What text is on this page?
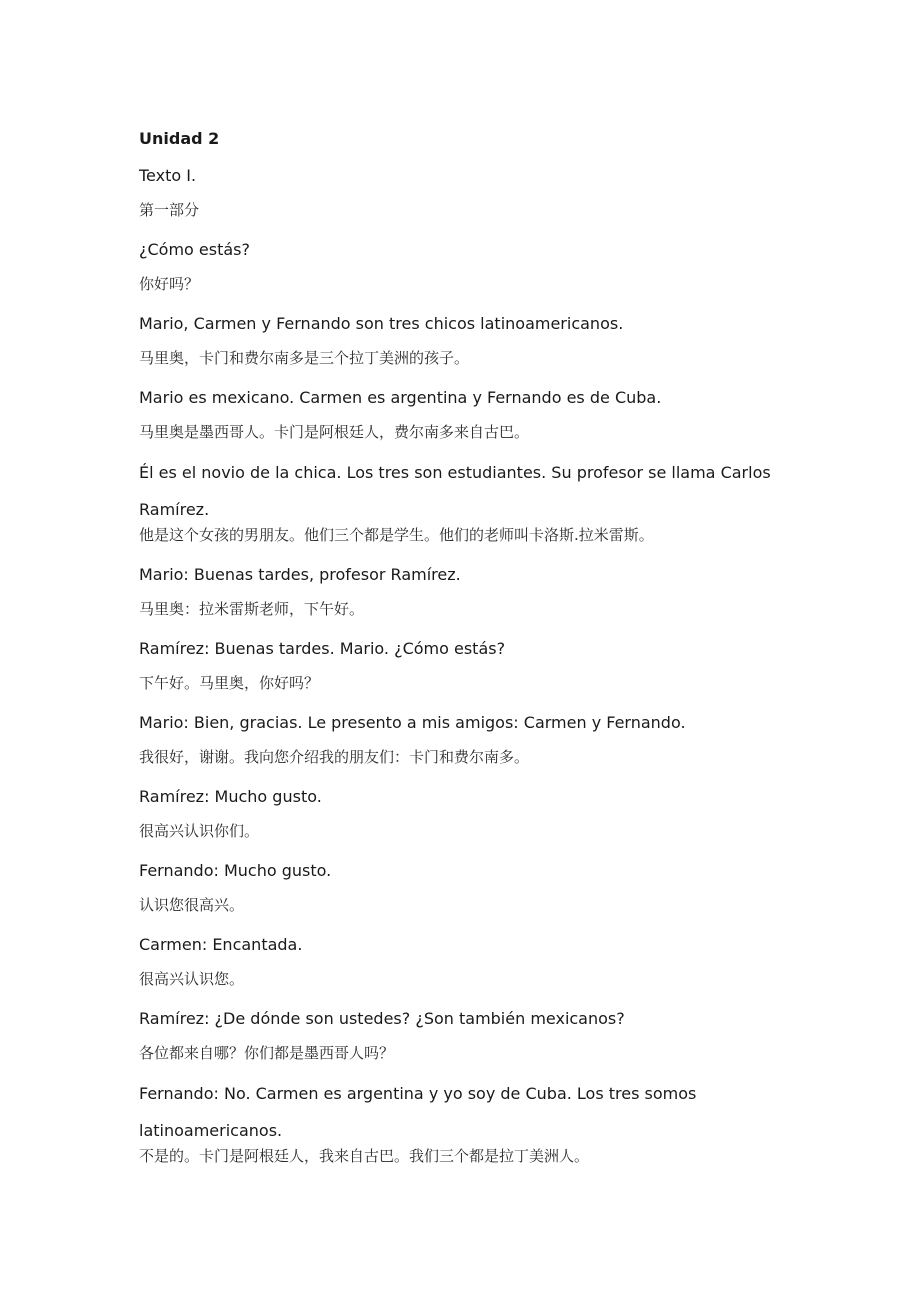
Unidad 2
Texto I.
第一部分
¿Cómo estás?
你好吗？
Mario, Carmen y Fernando son tres chicos latinoamericanos.
马里奥，卡门和费尔南多是三个拉丁美洲的孩子。
Mario es mexicano. Carmen es argentina y Fernando es de Cuba.
马里奥是墨西哥人。卡门是阿根廷人，费尔南多来自古巴。
Él es el novio de la chica. Los tres son estudiantes. Su profesor se llama Carlos Ramírez.
他是这个女孩的男朋友。他们三个都是学生。他们的老师叫卡洛斯.拉米雷斯。
Mario: Buenas tardes, profesor Ramírez.
马里奥：拉米雷斯老师，下午好。
Ramírez: Buenas tardes. Mario. ¿Cómo estás?
下午好。马里奥，你好吗？
Mario: Bien, gracias. Le presento a mis amigos: Carmen y Fernando.
我很好，谢谢。我向您介绍我的朋友们：卡门和费尔南多。
Ramírez: Mucho gusto.
很高兴认识你们。
Fernando: Mucho gusto.
认识您很高兴。
Carmen: Encantada.
很高兴认识您。
Ramírez: ¿De dónde son ustedes? ¿Son también mexicanos?
各位都来自哪？你们都是墨西哥人吗？
Fernando: No. Carmen es argentina y yo soy de Cuba. Los tres somos latinoamericanos.
不是的。卡门是阿根廷人，我来自古巴。我们三个都是拉丁美洲人。
